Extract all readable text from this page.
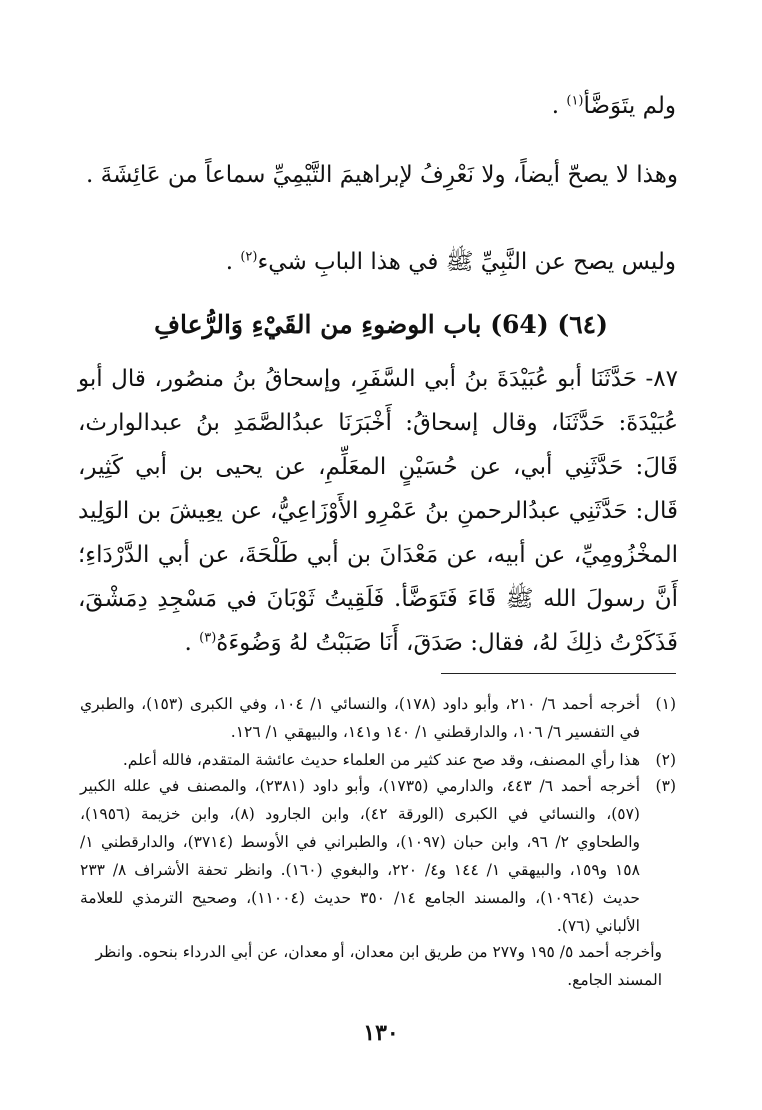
ولم يتَوَضَّأ$^{(١)}$ .
وهذا لا يصحّ أيضاً، ولا نَعْرِفُ لإبراهيمَ التَّيْمِيِّ سماعاً من عَائِشَةَ .
وليس يصح عن النَّبِيِّ ﷺ في هذا البابِ شيء$^{(٢)}$ .
(٦٤) (64) باب الوضوءِ من القَيْءِ وَالرُّعافِ
٨٧- حَدَّثَنَا أبو عُبَيْدَةَ بنُ أبي السَّفَرِ، وإسحاقُ بنُ منصُور، قال أبو عُبَيْدَةَ: حَدَّثَنَا، وقال إسحاقُ: أَخْبَرَنَا عبدُالصَّمَدِ بنُ عبدالوارث، قَالَ: حَدَّثَنِي أبي، عن حُسَيْنٍ المعَلِّمِ، عن يحيى بن أبي كَثِير، قَال: حَدَّثَنِي عبدُالرحمنِ بنُ عَمْرِو الأَوْزَاعِيُّ، عن يعِيشَ بن الوَلِيد المخْزُومِيِّ، عن أبيه، عن مَعْدَانَ بن أبي طَلْحَةَ، عن أبي الدَّرْدَاءِ؛ أَنَّ رسولَ الله ﷺ قَاءَ فَتَوَضَّأ. فَلَقِيتُ ثَوْبَانَ في مَسْجِدِ دِمَشْقَ، فَذَكَرْتُ ذلِكَ لهُ، فقال: صَدَقَ، أَنَا صَبَبْتُ لهُ وَضُوءَهُ$^{(٣)}$ .
(١)
أخرجه أحمد ٦/ ٢١٠، وأبو داود (١٧٨)، والنسائي ١/ ١٠٤، وفي الكبرى (١٥٣)، والطبري في التفسير ٦/ ١٠٦، والدارقطني ١/ ١٤٠ و١٤١، والبيهقي ١/ ١٢٦.
(٢)
هذا رأي المصنف، وقد صح عند كثير من العلماء حديث عائشة المتقدم، فالله أعلم.
(٣)
أخرجه أحمد ٦/ ٤٤٣، والدارمي (١٧٣٥)، وأبو داود (٢٣٨١)، والمصنف في علله الكبير (٥٧)، والنسائي في الكبرى (الورقة ٤٢)، وابن الجارود (٨)، وابن خزيمة (١٩٥٦)، والطحاوي ٢/ ٩٦، وابن حبان (١٠٩٧)، والطبراني في الأوسط (٣٧١٤)، والدارقطني ١/ ١٥٨ و١٥٩، والبيهقي ١/ ١٤٤ و٤/ ٢٢٠، والبغوي (١٦٠). وانظر تحفة الأشراف ٨/ ٢٣٣ حديث (١٠٩٦٤)، والمسند الجامع ١٤/ ٣٥٠ حديث (١١٠٠٤)، وصحيح الترمذي للعلامة الألباني (٧٦).
وأخرجه أحمد ٥/ ١٩٥ و٢٧٧ من طريق ابن معدان، أو معدان، عن أبي الدرداء بنحوه. وانظر المسند الجامع.
١٣٠
